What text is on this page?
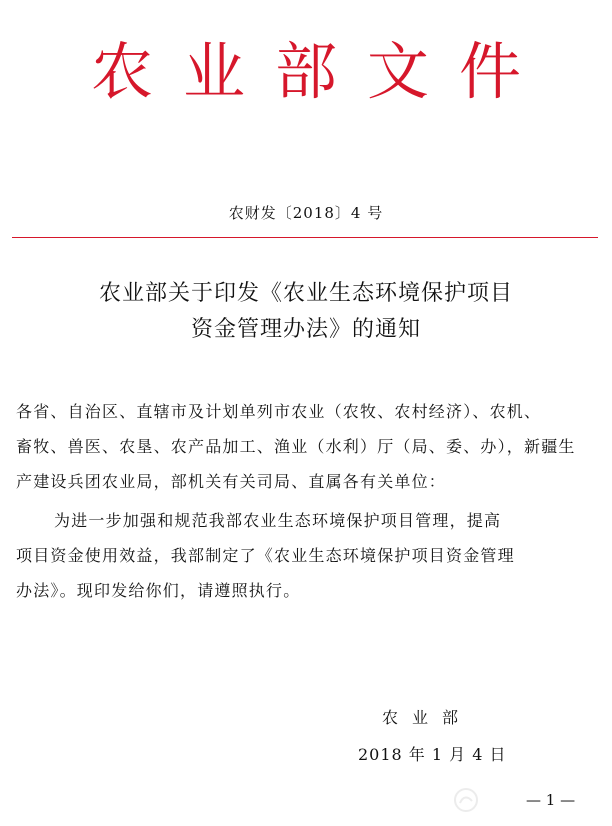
农业部文件
农财发〔2018〕4 号
农业部关于印发《农业生态环境保护项目
资金管理办法》的通知
各省、自治区、直辖市及计划单列市农业（农牧、农村经济）、农机、
畜牧、兽医、农垦、农产品加工、渔业（水利）厅（局、委、办），新疆生
产建设兵团农业局，部机关有关司局、直属各有关单位：
为进一步加强和规范我部农业生态环境保护项目管理，提高
项目资金使用效益，我部制定了《农业生态环境保护项目资金管理
办法》。现印发给你们，请遵照执行。
农业部
2018 年 1 月 4 日
— 1 —
